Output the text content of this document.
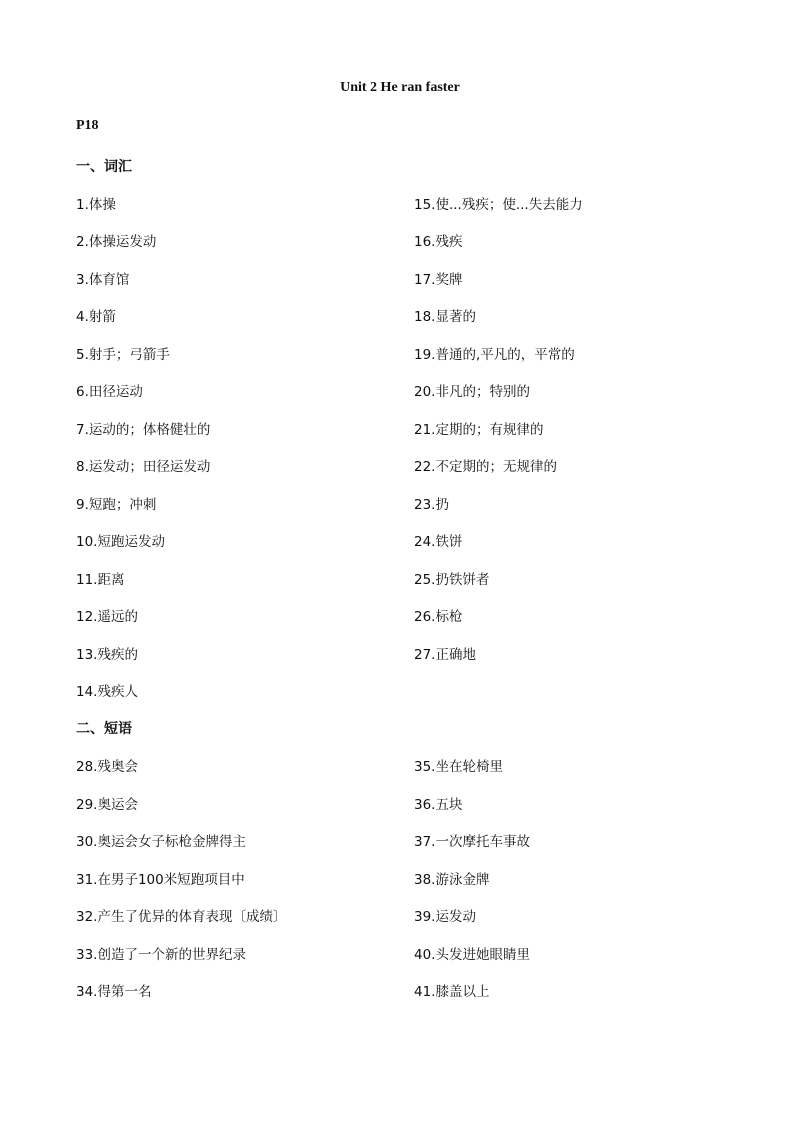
Unit 2 He ran faster
P18
一、词汇
1.体操
2.体操运发动
3.体育馆
4.射箭
5.射手；弓箭手
6.田径运动
7.运动的；体格健壮的
8.运发动；田径运发动
9.短跑；冲刺
10.短跑运发动
11.距离
12.遥远的
13.残疾的
14.残疾人
15.使...残疾；使...失去能力
16.残疾
17.奖牌
18.显著的
19.普通的,平凡的，平常的
20.非凡的；特别的
21.定期的；有规律的
22.不定期的；无规律的
23.扔
24.铁饼
25.扔铁饼者
26.标枪
27.正确地
二、短语
28.残奥会
29.奥运会
30.奥运会女子标枪金牌得主
31.在男子100米短跑项目中
32.产生了优异的体育表现〔成绩〕
33.创造了一个新的世界纪录
34.得第一名
35.坐在轮椅里
36.五块
37.一次摩托车事故
38.游泳金牌
39.运发动
40.头发进她眼睛里
41.膝盖以上
